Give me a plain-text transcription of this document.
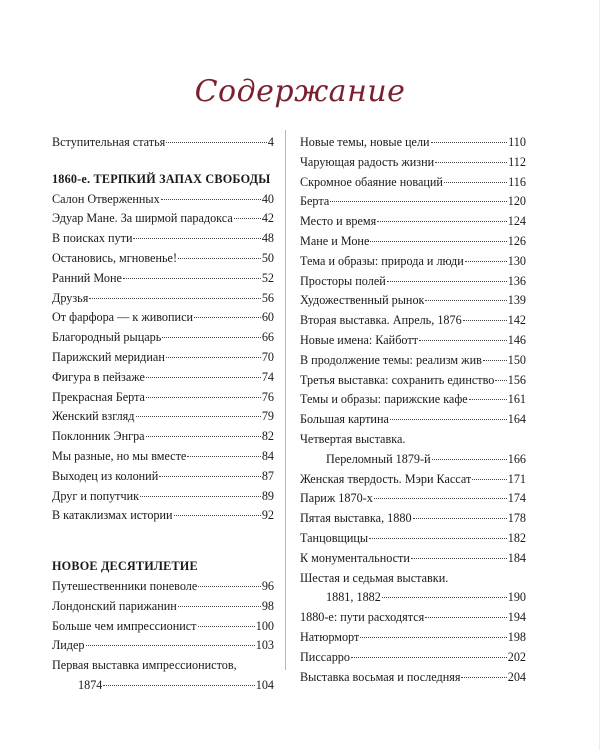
Содержание
Вступительная статья	4
1860-е. ТЕРПКИЙ ЗАПАХ СВОБОДЫ
Салон Отверженных	40
Эдуар Мане. За ширмой парадокса 42
В поисках пути	48
Остановись, мгновенье!	50
Ранний Моне	52
Друзья	56
От фарфора — к живописи	60
Благородный рыцарь	66
Парижский меридиан	70
Фигура в пейзаже	74
Прекрасная Берта	76
Женский взгляд	79
Поклонник Энгра	82
Мы разные, но мы вместе	84
Выходец из колоний	87
Друг и попутчик	89
В катаклизмах истории	92
НОВОЕ ДЕСЯТИЛЕТИЕ
Путешественники поневоле	96
Лондонский парижанин	98
Больше чем импрессионист	100
Лидер	103
Первая выставка импрессионистов,
1874	104
Новые темы, новые цели	110
Чарующая радость жизни	112
Скромное обаяние новаций	116
Берта	120
Место и время	124
Мане и Моне	126
Тема и образы: природа и люди	130
Просторы полей	136
Художественный рынок	139
Вторая выставка. Апрель, 1876	142
Новые имена: Кайботт	146
В продолжение темы: реализм жив 150
Третья выставка: сохранить единство 156
Темы и образы: парижские кафе	161
Большая картина	164
Четвертая выставка.
Переломный 1879-й	166
Женская твердость. Мэри Кассат	171
Париж 1870-х	174
Пятая выставка, 1880	178
Танцовщицы	182
К монументальности	184
Шестая и седьмая выставки.
1881, 1882	190
1880-е: пути расходятся	194
Натюрморт	198
Писсарро	202
Выставка восьмая и последняя	204
